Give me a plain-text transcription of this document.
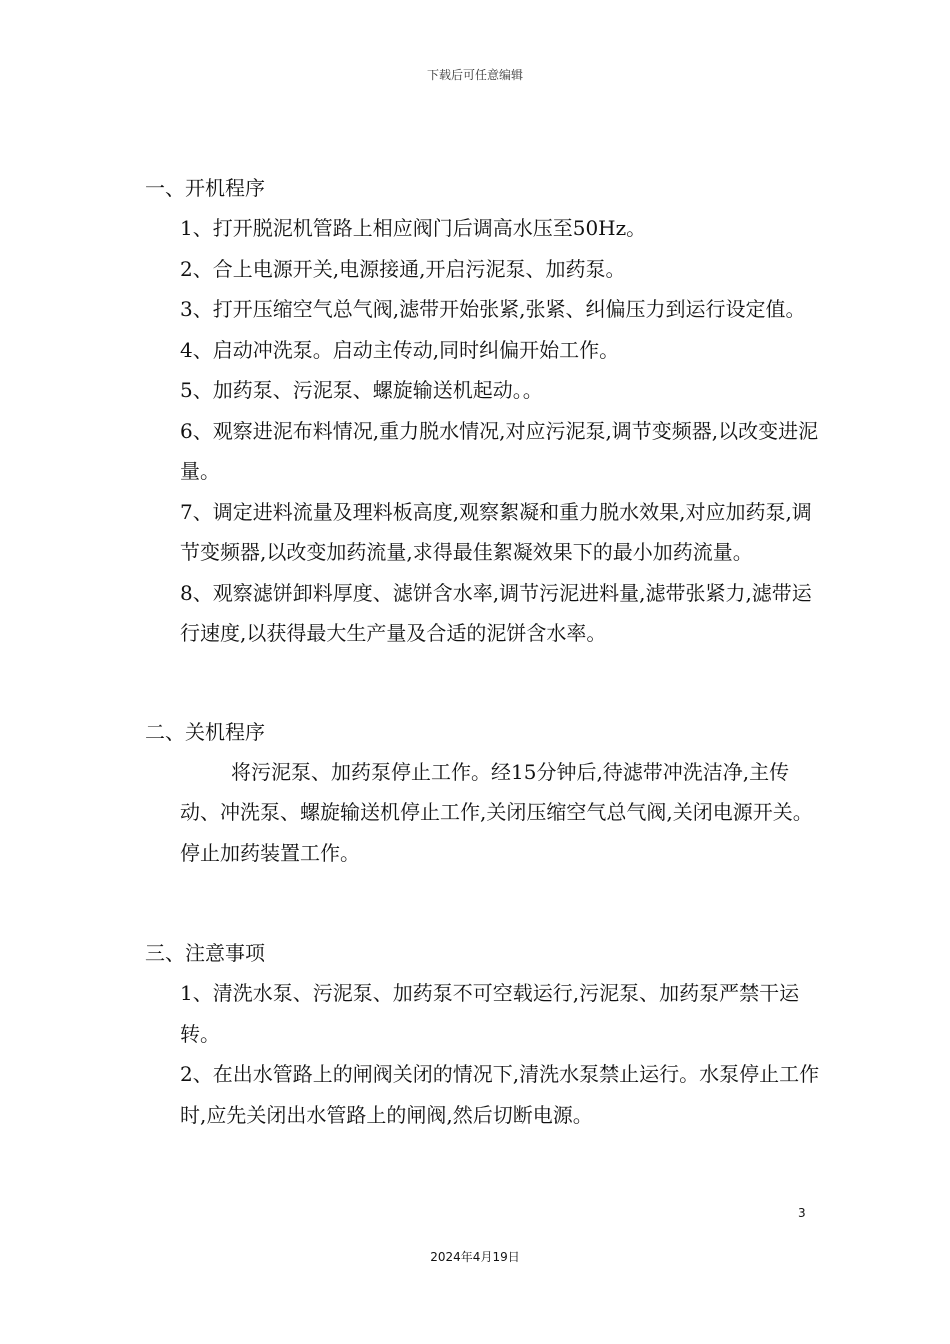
下载后可任意编辑
一、开机程序
1、打开脱泥机管路上相应阀门后调高水压至50Hz。
2、合上电源开关,电源接通,开启污泥泵、加药泵。
3、打开压缩空气总气阀,滤带开始张紧,张紧、纠偏压力到运行设定值。
4、启动冲洗泵。启动主传动,同时纠偏开始工作。
5、加药泵、污泥泵、螺旋输送机起动。。
6、观察进泥布料情况,重力脱水情况,对应污泥泵,调节变频器,以改变进泥量。
7、调定进料流量及理料板高度,观察絮凝和重力脱水效果,对应加药泵,调节变频器,以改变加药流量,求得最佳絮凝效果下的最小加药流量。
8、观察滤饼卸料厚度、滤饼含水率,调节污泥进料量,滤带张紧力,滤带运行速度,以获得最大生产量及合适的泥饼含水率。
二、关机程序
将污泥泵、加药泵停止工作。经15分钟后,待滤带冲洗洁净,主传动、冲洗泵、螺旋输送机停止工作,关闭压缩空气总气阀,关闭电源开关。停止加药装置工作。
三、注意事项
1、清洗水泵、污泥泵、加药泵不可空载运行,污泥泵、加药泵严禁干运转。
2、在出水管路上的闸阀关闭的情况下,清洗水泵禁止运行。水泵停止工作时,应先关闭出水管路上的闸阀,然后切断电源。
3
2024年4月19日
